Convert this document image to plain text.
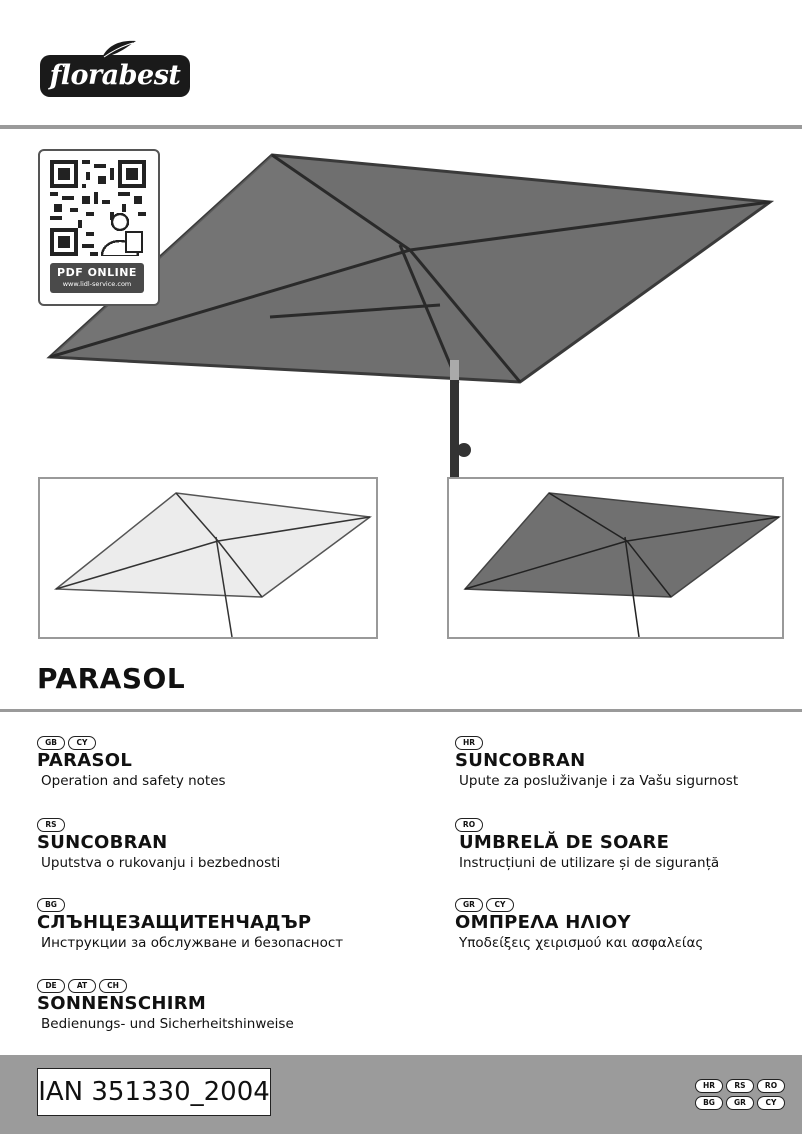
florabest
PDF ONLINE
www.lidl-service.com
PARASOL
GB	CY
PARASOL
Operation and safety notes
RS
SUNCOBRAN
Uputstva o rukovanju i bezbednosti
BG
СЛЪНЦЕЗАЩИТЕНЧАДЪР
Инструкции за обслужване и безопасност
DE	AT	CH
SONNENSCHIRM
Bedienungs- und Sicherheitshinweise
HR
SUNCOBRAN
Upute za posluživanje i za Vašu sigurnost
RO
UMBRELĂ DE SOARE
Instrucțiuni de utilizare și de siguranță
GR	CY
ΟΜΠΡΕΛΑ ΗΛΙΟΥ
Υποδείξεις χειρισμού και ασφαλείας
IAN 351330_2004	HR	RS	RO
BG	GR	CY
